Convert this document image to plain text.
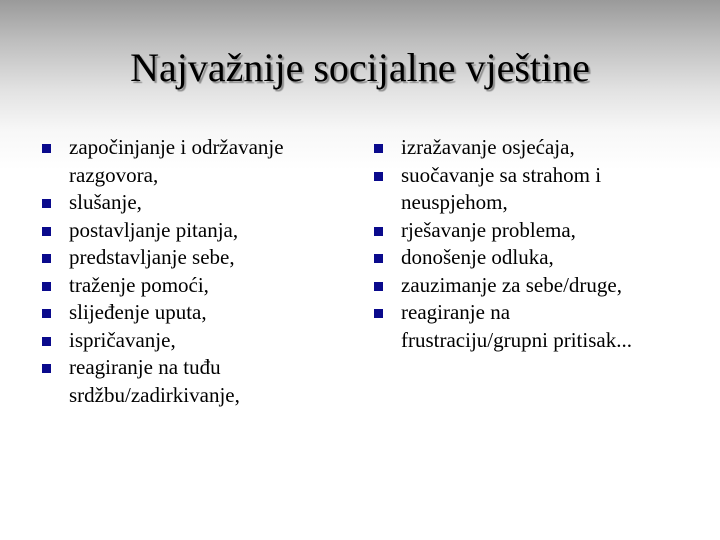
Najvažnije socijalne vještine
započinjanje i održavanje
razgovora,
slušanje,
postavljanje pitanja,
predstavljanje sebe,
traženje pomoći,
slijeđenje uputa,
ispričavanje,
reagiranje na tuđu
srdžbu/zadirkivanje,
izražavanje osjećaja,
suočavanje sa strahom i
neuspjehom,
rješavanje problema,
donošenje odluka,
zauzimanje za sebe/druge,
reagiranje na
frustraciju/grupni pritisak...
